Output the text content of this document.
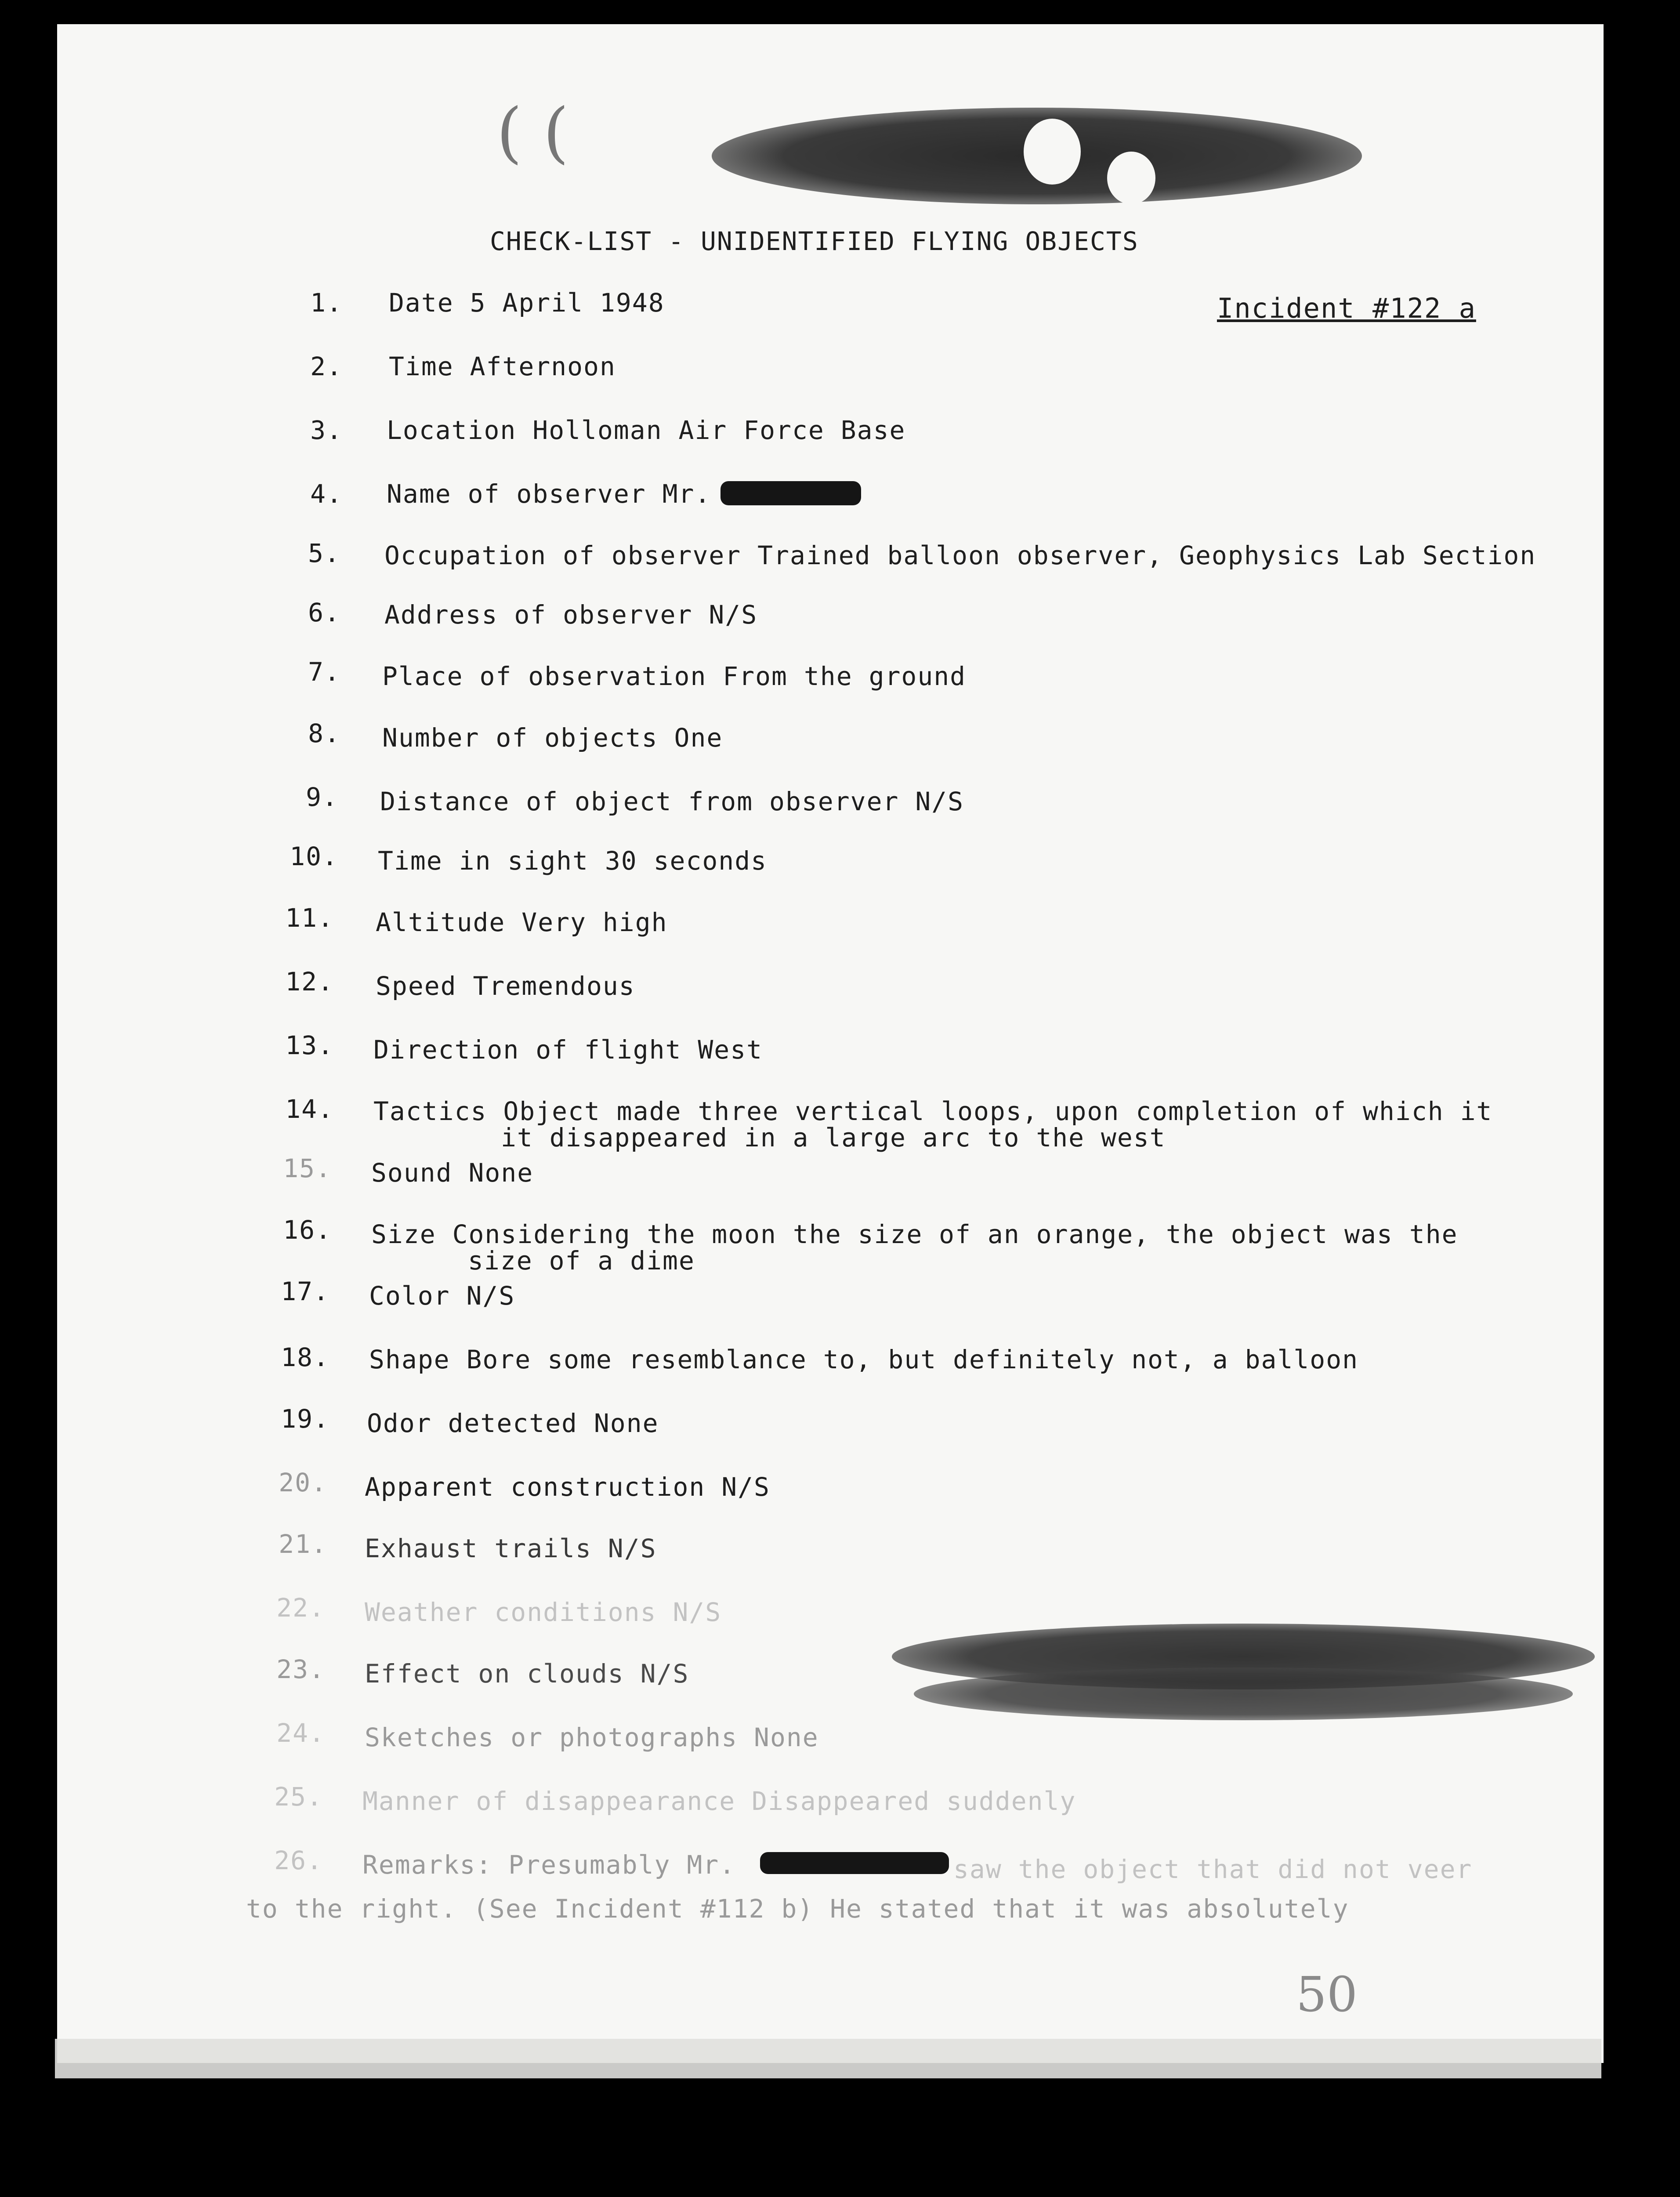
( (
CHECK-LIST - UNIDENTIFIED FLYING OBJECTS
Incident #122 a
1. Date 5 April 1948
2. Time Afternoon
3. Location Holloman Air Force Base
4. Name of observer Mr.
5. Occupation of observer Trained balloon observer, Geophysics Lab Section
6. Address of observer N/S
7. Place of observation From the ground
8. Number of objects One
9. Distance of object from observer N/S
10. Time in sight 30 seconds
11. Altitude Very high
12. Speed Tremendous
13. Direction of flight West
14. Tactics Object made three vertical loops, upon completion of which it
it disappeared in a large arc to the west
15. Sound None
16. Size Considering the moon the size of an orange, the object was the
size of a dime
17. Color N/S
18. Shape Bore some resemblance to, but definitely not, a balloon
19. Odor detected None
20. Apparent construction N/S
21. Exhaust trails N/S
22. Weather conditions N/S
23. Effect on clouds N/S
24. Sketches or photographs None
25. Manner of disappearance Disappeared suddenly
26. Remarks: Presumably Mr.	saw the object that did not veer
to the right. (See Incident #112 b) He stated that it was absolutely
50
